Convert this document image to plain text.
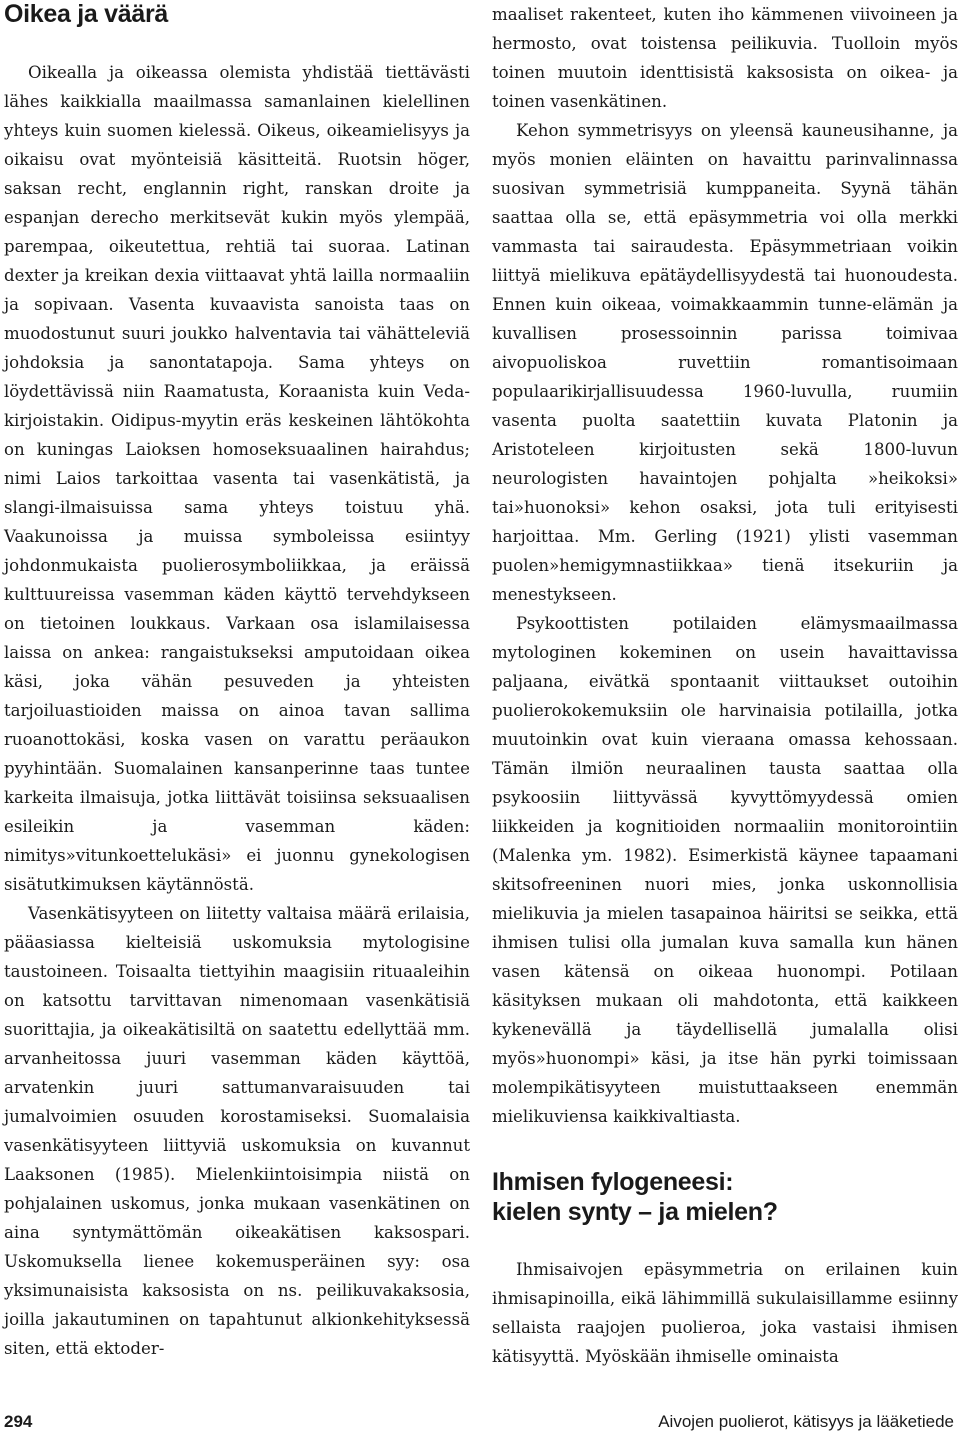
Oikea ja väärä

Oikealla ja oikeassa olemista yhdistää tiettävästi lähes kaikkialla maailmassa samanlainen kielellinen yhteys kuin suomen kielessä. Oikeus, oikeamielisyys ja oikaisu ovat myönteisiä käsitteitä. Ruotsin höger, saksan recht, englannin right, ranskan droite ja espanjan derecho merkitsevät kukin myös ylempää, parempaa, oikeutettua, rehtiä tai suoraa. Latinan dexter ja kreikan dexia viittaavat yhtä lailla normaaliin ja sopivaan. Vasenta kuvaavista sanoista taas on muodostunut suuri joukko halventavia tai vähätteleviä johdoksia ja sanontatapoja. Sama yhteys on löydettävissä niin Raamatusta, Koraanista kuin Veda-kirjoistakin. Oidipus-myytin eräs keskeinen lähtökohta on kuningas Laioksen homoseksuaalinen hairahdus; nimi Laios tarkoittaa vasenta tai vasenkätistä, ja slangi-ilmaisuissa sama yhteys toistuu yhä. Vaakunoissa ja muissa symboleissa esiintyy johdonmukaista puolierosymboliikkaa, ja eräissä kulttuureissa vasemman käden käyttö tervehdykseen on tietoinen loukkaus. Varkaan osa islamilaisessa laissa on ankea: rangaistukseksi amputoidaan oikea käsi, joka vähän pesuveden ja yhteisten tarjoiluastioiden maissa on ainoa tavan sallima ruoanottokäsi, koska vasen on varattu peräaukon pyyhintään. Suomalainen kansanperinne taas tuntee karkeita ilmaisuja, jotka liittävät toisiinsa seksuaalisen esileikin ja vasemman käden: nimitys»vitunkoettelukäsi» ei juonnu gynekologisen sisätutkimuksen käytännöstä.

Vasenkätisyyteen on liitetty valtaisa määrä erilaisia, pääasiassa kielteisiä uskomuksia mytologisine taustoineen. Toisaalta tiettyihin maagisiin rituaaleihin on katsottu tarvittavan nimenomaan vasenkätisiä suorittajia, ja oikeakätisiltä on saatettu edellyttää mm. arvanheitossa juuri vasemman käden käyttöä, arvatenkin juuri sattumanvaraisuuden tai jumalvoimien osuuden korostamiseksi. Suomalaisia vasenkätisyyteen liittyviä uskomuksia on kuvannut Laaksonen (1985). Mielenkiintoisimpia niistä on pohjalainen uskomus, jonka mukaan vasenkätinen on aina syntymättömän oikeakätisen kaksospari. Uskomuksella lienee kokemusperäinen syy: osa yksimunaisista kaksosista on ns. peilikuvakaksosia, joilla jakautuminen on tapahtunut alkionkehityksessä siten, että ektoder-

maaliset rakenteet, kuten iho kämmenen viivoineen ja hermosto, ovat toistensa peilikuvia. Tuolloin myös toinen muutoin identtisistä kaksosista on oikea- ja toinen vasenkätinen.

Kehon symmetrisyys on yleensä kauneusihanne, ja myös monien eläinten on havaittu parinvalinnassa suosivan symmetrisiä kumppaneita. Syynä tähän saattaa olla se, että epäsymmetria voi olla merkki vammasta tai sairaudesta. Epäsymmetriaan voikin liittyä mielikuva epätäydellisyydestä tai huonoudesta. Ennen kuin oikeaa, voimakkaammin tunne-elämän ja kuvallisen prosessoinnin parissa toimivaa aivopuoliskoa ruvettiin romantisoimaan populaarikirjallisuudessa 1960-luvulla, ruumiin vasenta puolta saatettiin kuvata Platonin ja Aristoteleen kirjoitusten sekä 1800-luvun neurologisten havaintojen pohjalta »heikoksi» tai»huonoksi» kehon osaksi, jota tuli erityisesti harjoittaa. Mm. Gerling (1921) ylisti vasemman puolen»hemigymnastiikkaa» tienä itsekuriin ja menestykseen.

Psykoottisten potilaiden elämysmaailmassa mytologinen kokeminen on usein havaittavissa paljaana, eivätkä spontaanit viittaukset outoihin puolierokokemuksiin ole harvinaisia potilailla, jotka muutoinkin ovat kuin vieraana omassa kehossaan. Tämän ilmiön neuraalinen tausta saattaa olla psykoosiin liittyvässä kyvyttömyydessä omien liikkeiden ja kognitioiden normaaliin monitorointiin (Malenka ym. 1982). Esimerkistä käynee tapaamani skitsofreeninen nuori mies, jonka uskonnollisia mielikuvia ja mielen tasapainoa häiritsi se seikka, että ihmisen tulisi olla jumalan kuva samalla kun hänen vasen kätensä on oikeaa huonompi. Potilaan käsityksen mukaan oli mahdotonta, että kaikkeen kykenevällä ja täydellisellä jumalalla olisi myös»huonompi» käsi, ja itse hän pyrki toimissaan molempikätisyyteen muistuttaakseen enemmän mielikuviensa kaikkivaltiasta.

Ihmisen fylogeneesi:
kielen synty – ja mielen?

Ihmisaivojen epäsymmetria on erilainen kuin ihmisapinoilla, eikä lähimmillä sukulaisillamme esiinny sellaista raajojen puolieroa, joka vastaisi ihmisen kätisyyttä. Myöskään ihmiselle ominaista

294	Aivojen puolierot, kätisyys ja lääketiede
